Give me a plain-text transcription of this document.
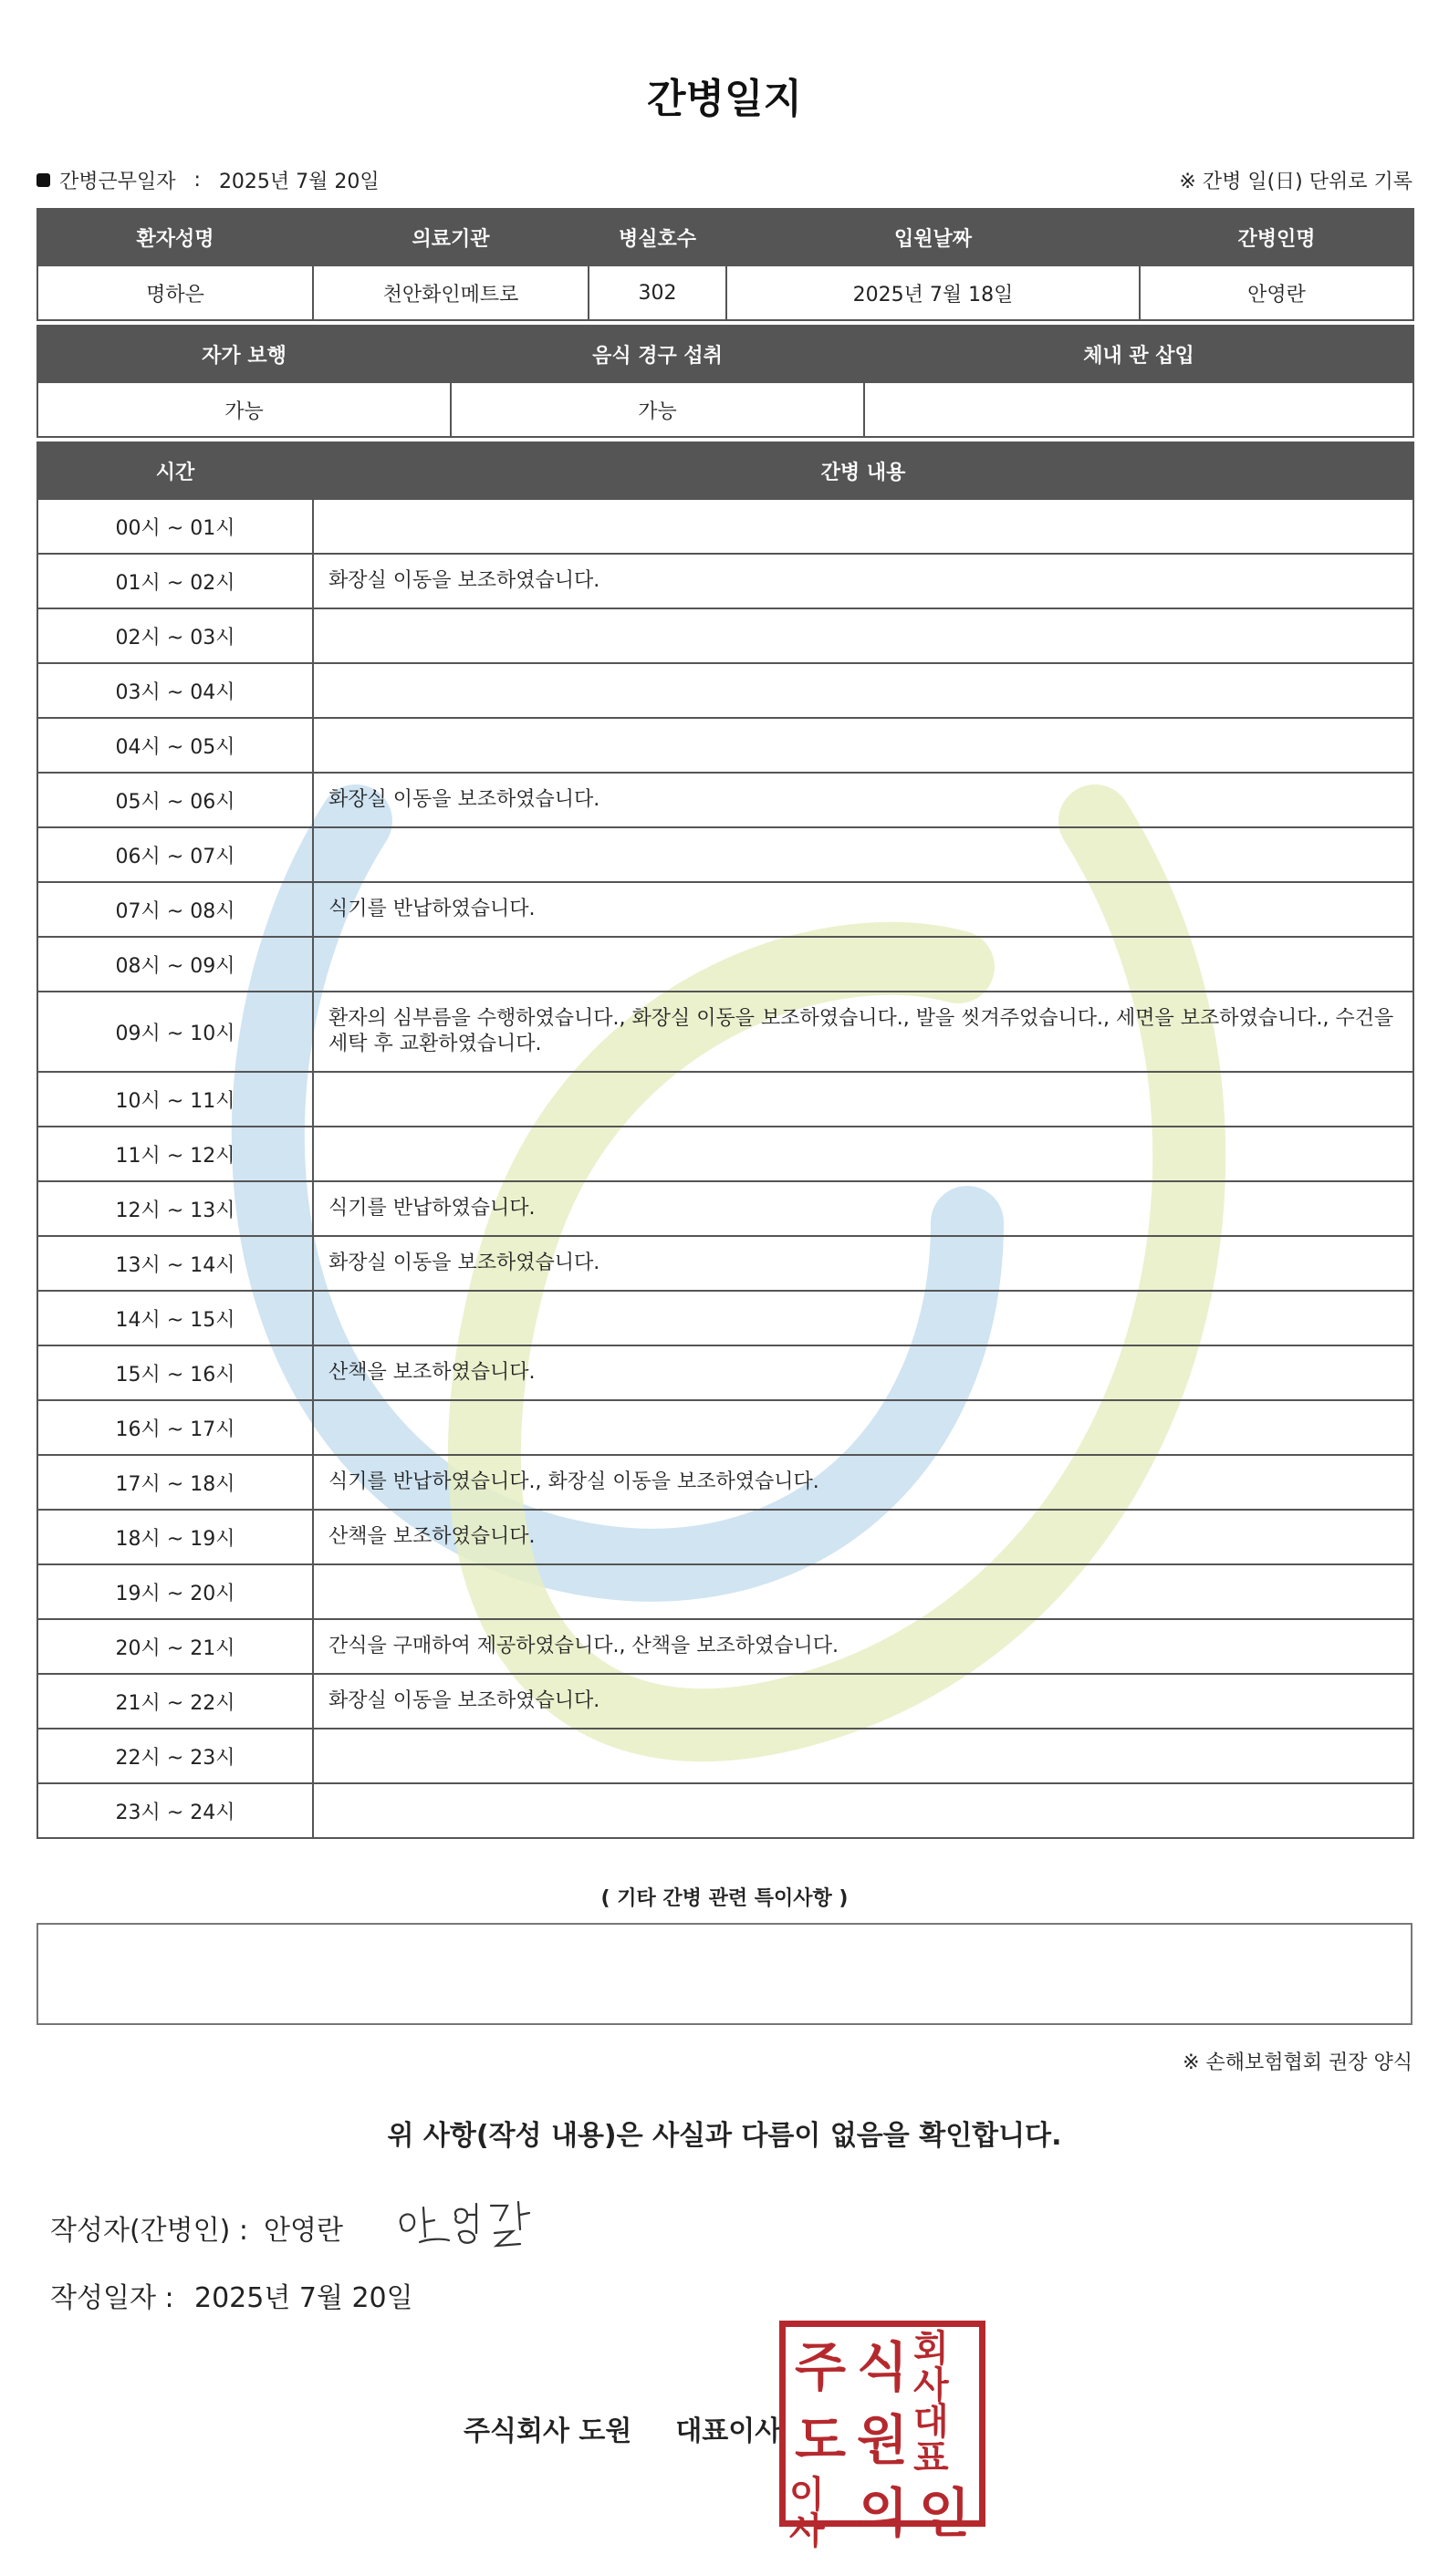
간병일지
간병근무일자 : 2025년 7월 20일	※ 간병 일(日) 단위로 기록
환자성명	의료기관	병실호수	입원날짜	간병인명
명하은	천안화인메트로	302	2025년 7월 18일	안영란
자가 보행	음식 경구 섭취	체내 관 삽입
가능	가능	
시간	간병 내용
00시 ~ 01시	
01시 ~ 02시	화장실 이동을 보조하였습니다.
02시 ~ 03시	
03시 ~ 04시	
04시 ~ 05시	
05시 ~ 06시	화장실 이동을 보조하였습니다.
06시 ~ 07시	
07시 ~ 08시	식기를 반납하였습니다.
08시 ~ 09시	
09시 ~ 10시	환자의 심부름을 수행하였습니다., 화장실 이동을 보조하였습니다., 발을 씻겨주었습니다., 세면을 보조하였습니다., 수건을 세탁 후 교환하였습니다.
10시 ~ 11시	
11시 ~ 12시	
12시 ~ 13시	식기를 반납하였습니다.
13시 ~ 14시	화장실 이동을 보조하였습니다.
14시 ~ 15시	
15시 ~ 16시	산책을 보조하였습니다.
16시 ~ 17시	
17시 ~ 18시	식기를 반납하였습니다., 화장실 이동을 보조하였습니다.
18시 ~ 19시	산책을 보조하였습니다.
19시 ~ 20시	
20시 ~ 21시	간식을 구매하여 제공하였습니다., 산책을 보조하였습니다.
21시 ~ 22시	화장실 이동을 보조하였습니다.
22시 ~ 23시	
23시 ~ 24시	
( 기타 간병 관련 특이사항 )
※ 손해보험협회 권장 양식
위 사항(작성 내용)은 사실과 다름이 없음을 확인합니다.
작성자(간병인) : 안영란
작성일자 : 2025년 7월 20일
주식회사 도원 대표이사
주 식 회사
도 원 대표
이사 의 인
